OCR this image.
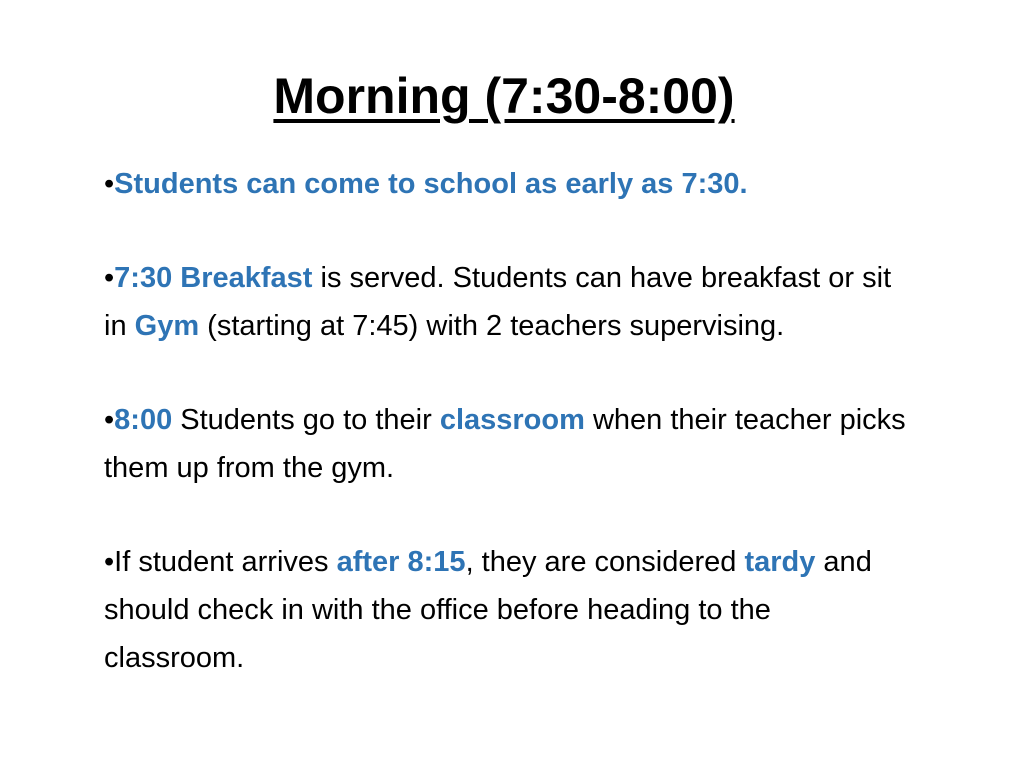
Morning (7:30-8:00)

•Students can come to school as early as 7:30.

•7:30 Breakfast is served. Students can have breakfast or sit in Gym (starting at 7:45) with 2 teachers supervising.

•8:00 Students go to their classroom when their teacher picks them up from the gym.

•If student arrives after 8:15, they are considered tardy and should check in with the office before heading to the classroom.
